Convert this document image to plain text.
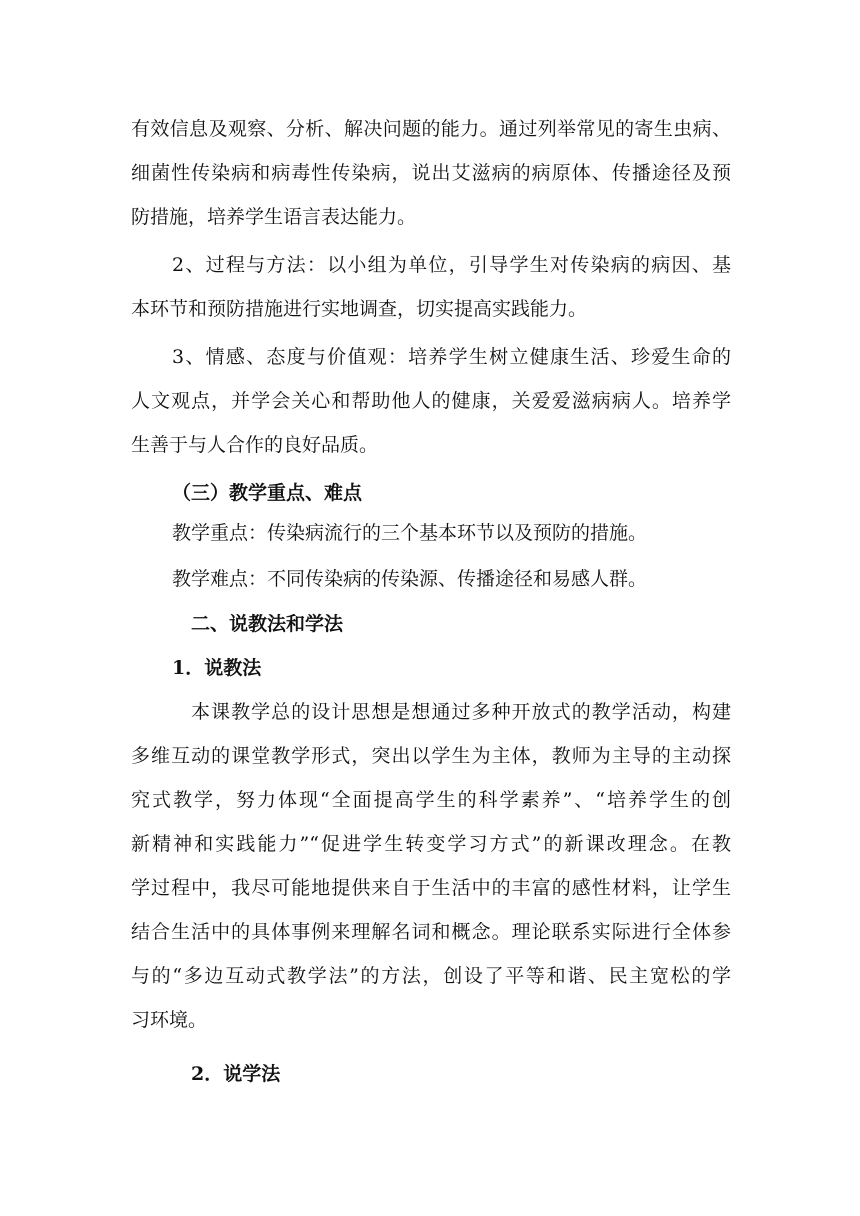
有效信息及观察、分析、解决问题的能力。通过列举常见的寄生虫病、
细菌性传染病和病毒性传染病，说出艾滋病的病原体、传播途径及预
防措施，培养学生语言表达能力。
2、过程与方法：以小组为单位，引导学生对传染病的病因、基
本环节和预防措施进行实地调查，切实提高实践能力。
3、情感、态度与价值观：培养学生树立健康生活、珍爱生命的
人文观点，并学会关心和帮助他人的健康，关爱爱滋病病人。培养学
生善于与人合作的良好品质。
（三）教学重点、难点
教学重点：传染病流行的三个基本环节以及预防的措施。
教学难点：不同传染病的传染源、传播途径和易感人群。
二、说教法和学法
1．说教法
本课教学总的设计思想是想通过多种开放式的教学活动，构建
多维互动的课堂教学形式，突出以学生为主体，教师为主导的主动探
究式教学，努力体现“全面提高学生的科学素养”、“培养学生的创
新精神和实践能力”“促进学生转变学习方式”的新课改理念。在教
学过程中，我尽可能地提供来自于生活中的丰富的感性材料，让学生
结合生活中的具体事例来理解名词和概念。理论联系实际进行全体参
与的“多边互动式教学法”的方法，创设了平等和谐、民主宽松的学
习环境。
2．说学法
